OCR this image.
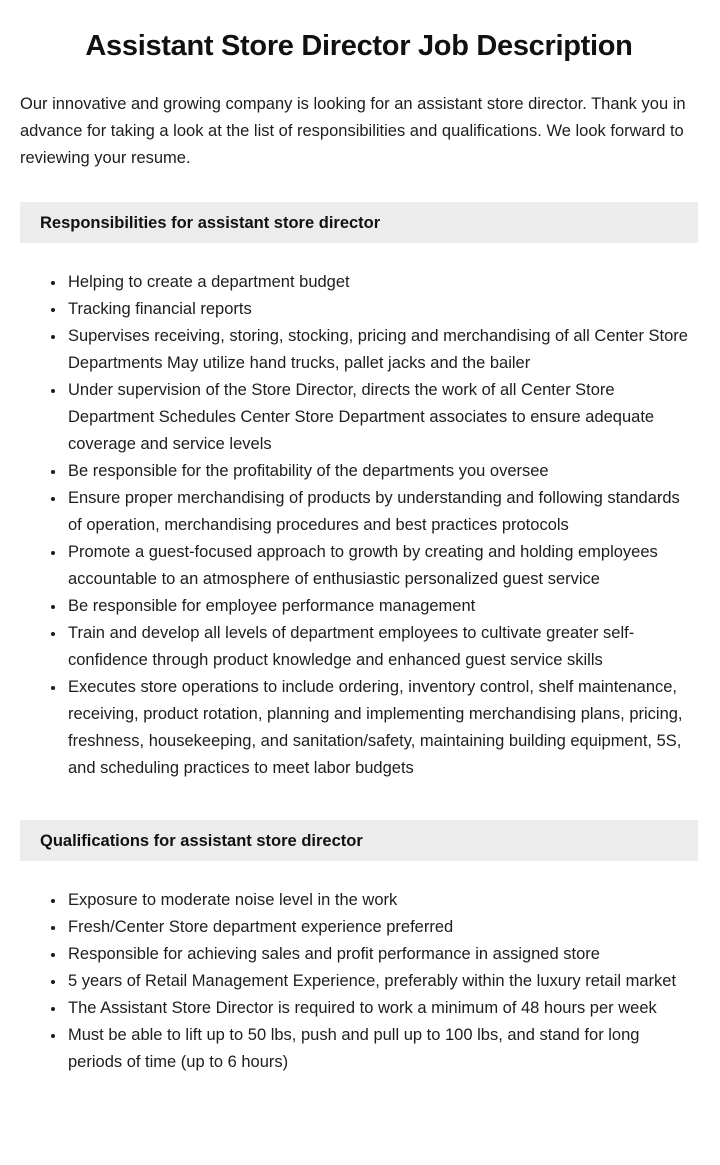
Assistant Store Director Job Description

Our innovative and growing company is looking for an assistant store director. Thank you in advance for taking a look at the list of responsibilities and qualifications. We look forward to reviewing your resume.

Responsibilities for assistant store director
• Helping to create a department budget
• Tracking financial reports
• Supervises receiving, storing, stocking, pricing and merchandising of all Center Store Departments May utilize hand trucks, pallet jacks and the bailer
• Under supervision of the Store Director, directs the work of all Center Store Department Schedules Center Store Department associates to ensure adequate coverage and service levels
• Be responsible for the profitability of the departments you oversee
• Ensure proper merchandising of products by understanding and following standards of operation, merchandising procedures and best practices protocols
• Promote a guest-focused approach to growth by creating and holding employees accountable to an atmosphere of enthusiastic personalized guest service
• Be responsible for employee performance management
• Train and develop all levels of department employees to cultivate greater self-confidence through product knowledge and enhanced guest service skills
• Executes store operations to include ordering, inventory control, shelf maintenance, receiving, product rotation, planning and implementing merchandising plans, pricing, freshness, housekeeping, and sanitation/safety, maintaining building equipment, 5S, and scheduling practices to meet labor budgets
Qualifications for assistant store director
• Exposure to moderate noise level in the work
• Fresh/Center Store department experience preferred
• Responsible for achieving sales and profit performance in assigned store
• 5 years of Retail Management Experience, preferably within the luxury retail market
• The Assistant Store Director is required to work a minimum of 48 hours per week
• Must be able to lift up to 50 lbs, push and pull up to 100 lbs, and stand for long periods of time (up to 6 hours)
